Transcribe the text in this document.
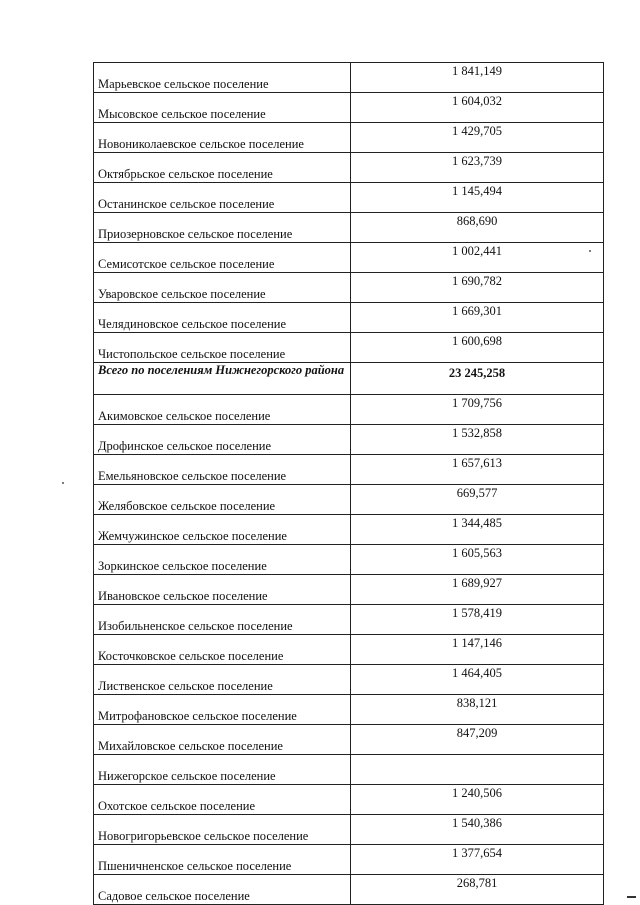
Марьевское сельское поселение	1 841,149
Мысовское сельское поселение	1 604,032
Новониколаевское сельское поселение	1 429,705
Октябрьское сельское поселение	1 623,739
Останинское сельское поселение	1 145,494
Приозерновское сельское поселение	868,690
Семисотское сельское поселение	1 002,441
Уваровское сельское поселение	1 690,782
Челядиновское сельское поселение	1 669,301
Чистопольское сельское поселение	1 600,698
Всего по поселениям Нижнегорского района	23 245,258
Акимовское сельское поселение	1 709,756
Дрофинское сельское поселение	1 532,858
Емельяновское сельское поселение	1 657,613
Желябовское сельское поселение	669,577
Жемчужинское сельское поселение	1 344,485
Зоркинское сельское поселение	1 605,563
Ивановское сельское поселение	1 689,927
Изобильненское сельское поселение	1 578,419
Косточковское сельское поселение	1 147,146
Лиственское сельское поселение	1 464,405
Митрофановское сельское поселение	838,121
Михайловское сельское поселение	847,209
Нижегорское сельское поселение	
Охотское сельское поселение	1 240,506
Новогригорьевское сельское поселение	1 540,386
Пшеничненское сельское поселение	1 377,654
Садовое сельское поселение	268,781
